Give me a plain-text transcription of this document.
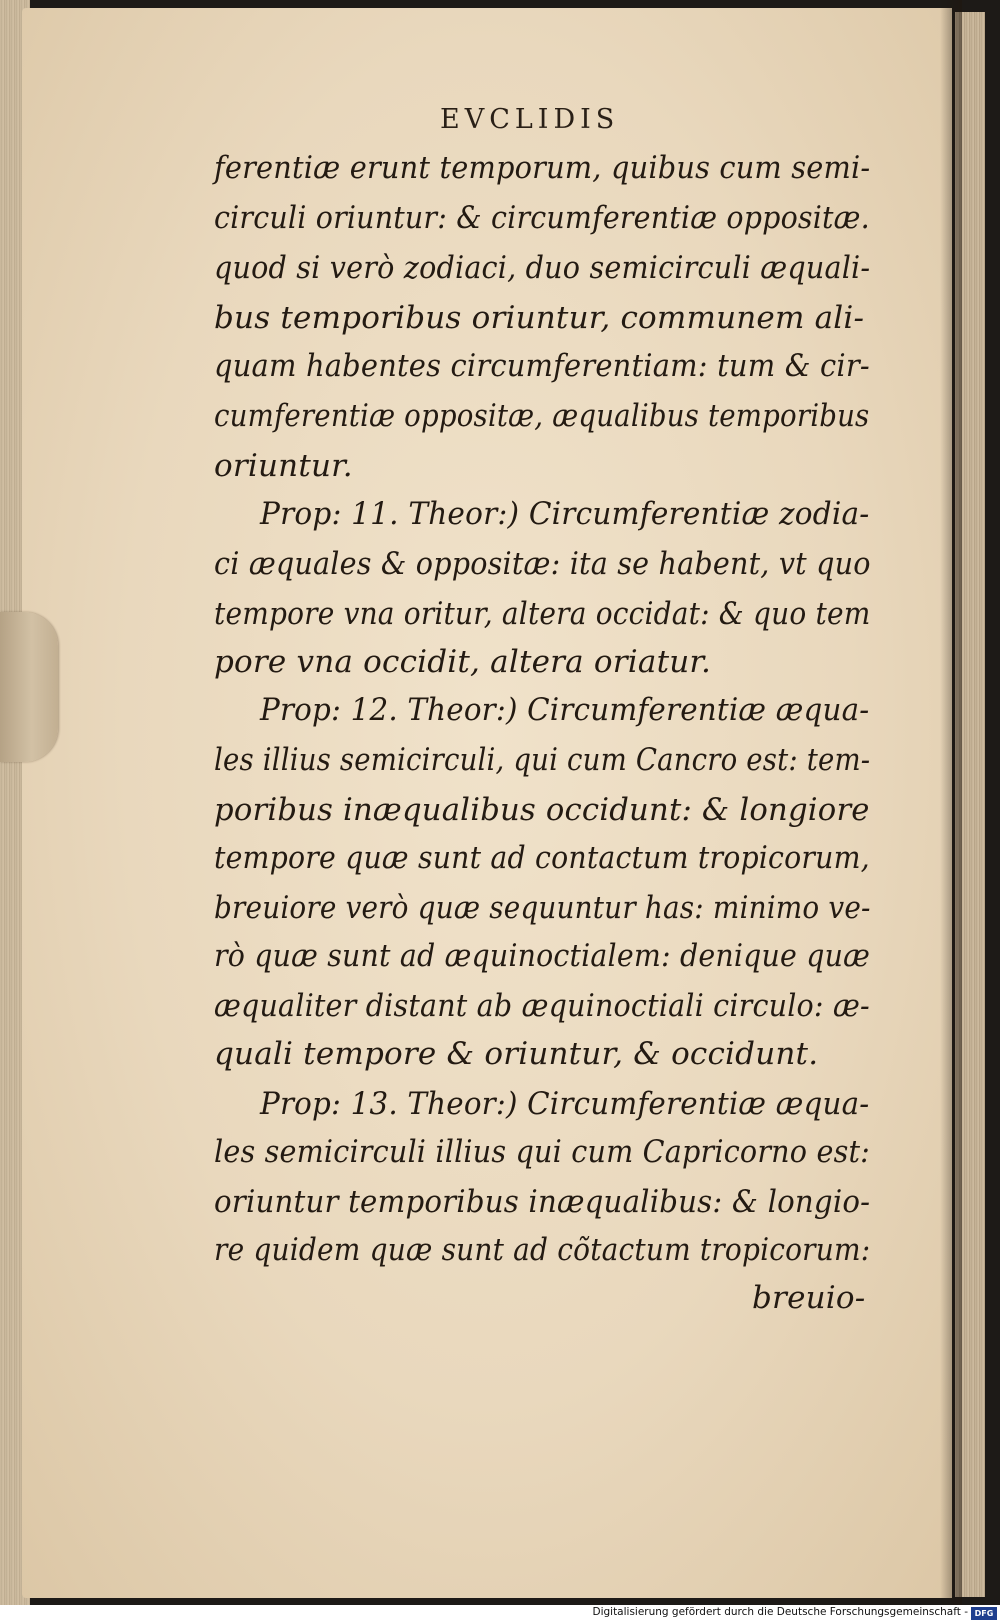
EVCLIDIS
ferentiæ erunt temporum, quibus cum semi-
circuli oriuntur: & circumferentiæ oppositæ.
quod si verò zodiaci, duo semicirculi æquali-
bus temporibus oriuntur, communem ali-
quam habentes circumferentiam: tum & cir-
cumferentiæ oppositæ, æqualibus temporibus
oriuntur.
Prop: 11. Theor:) Circumferentiæ zodia-
ci æquales & oppositæ: ita se habent, vt quo
tempore vna oritur, altera occidat: & quo tem
pore vna occidit, altera oriatur.
Prop: 12. Theor:) Circumferentiæ æqua-
les illius semicirculi, qui cum Cancro est: tem-
poribus inæqualibus occidunt: & longiore
tempore quæ sunt ad contactum tropicorum,
breuiore verò quæ sequuntur has: minimo ve-
rò quæ sunt ad æquinoctialem: denique quæ
æqualiter distant ab æquinoctiali circulo: æ-
quali tempore & oriuntur, & occidunt.
Prop: 13. Theor:) Circumferentiæ æqua-
les semicirculi illius qui cum Capricorno est:
oriuntur temporibus inæqualibus: & longio-
re quidem quæ sunt ad cõtactum tropicorum:
breuio-
Digitalisierung gefördert durch die Deutsche Forschungsgemeinschaft - DFG
